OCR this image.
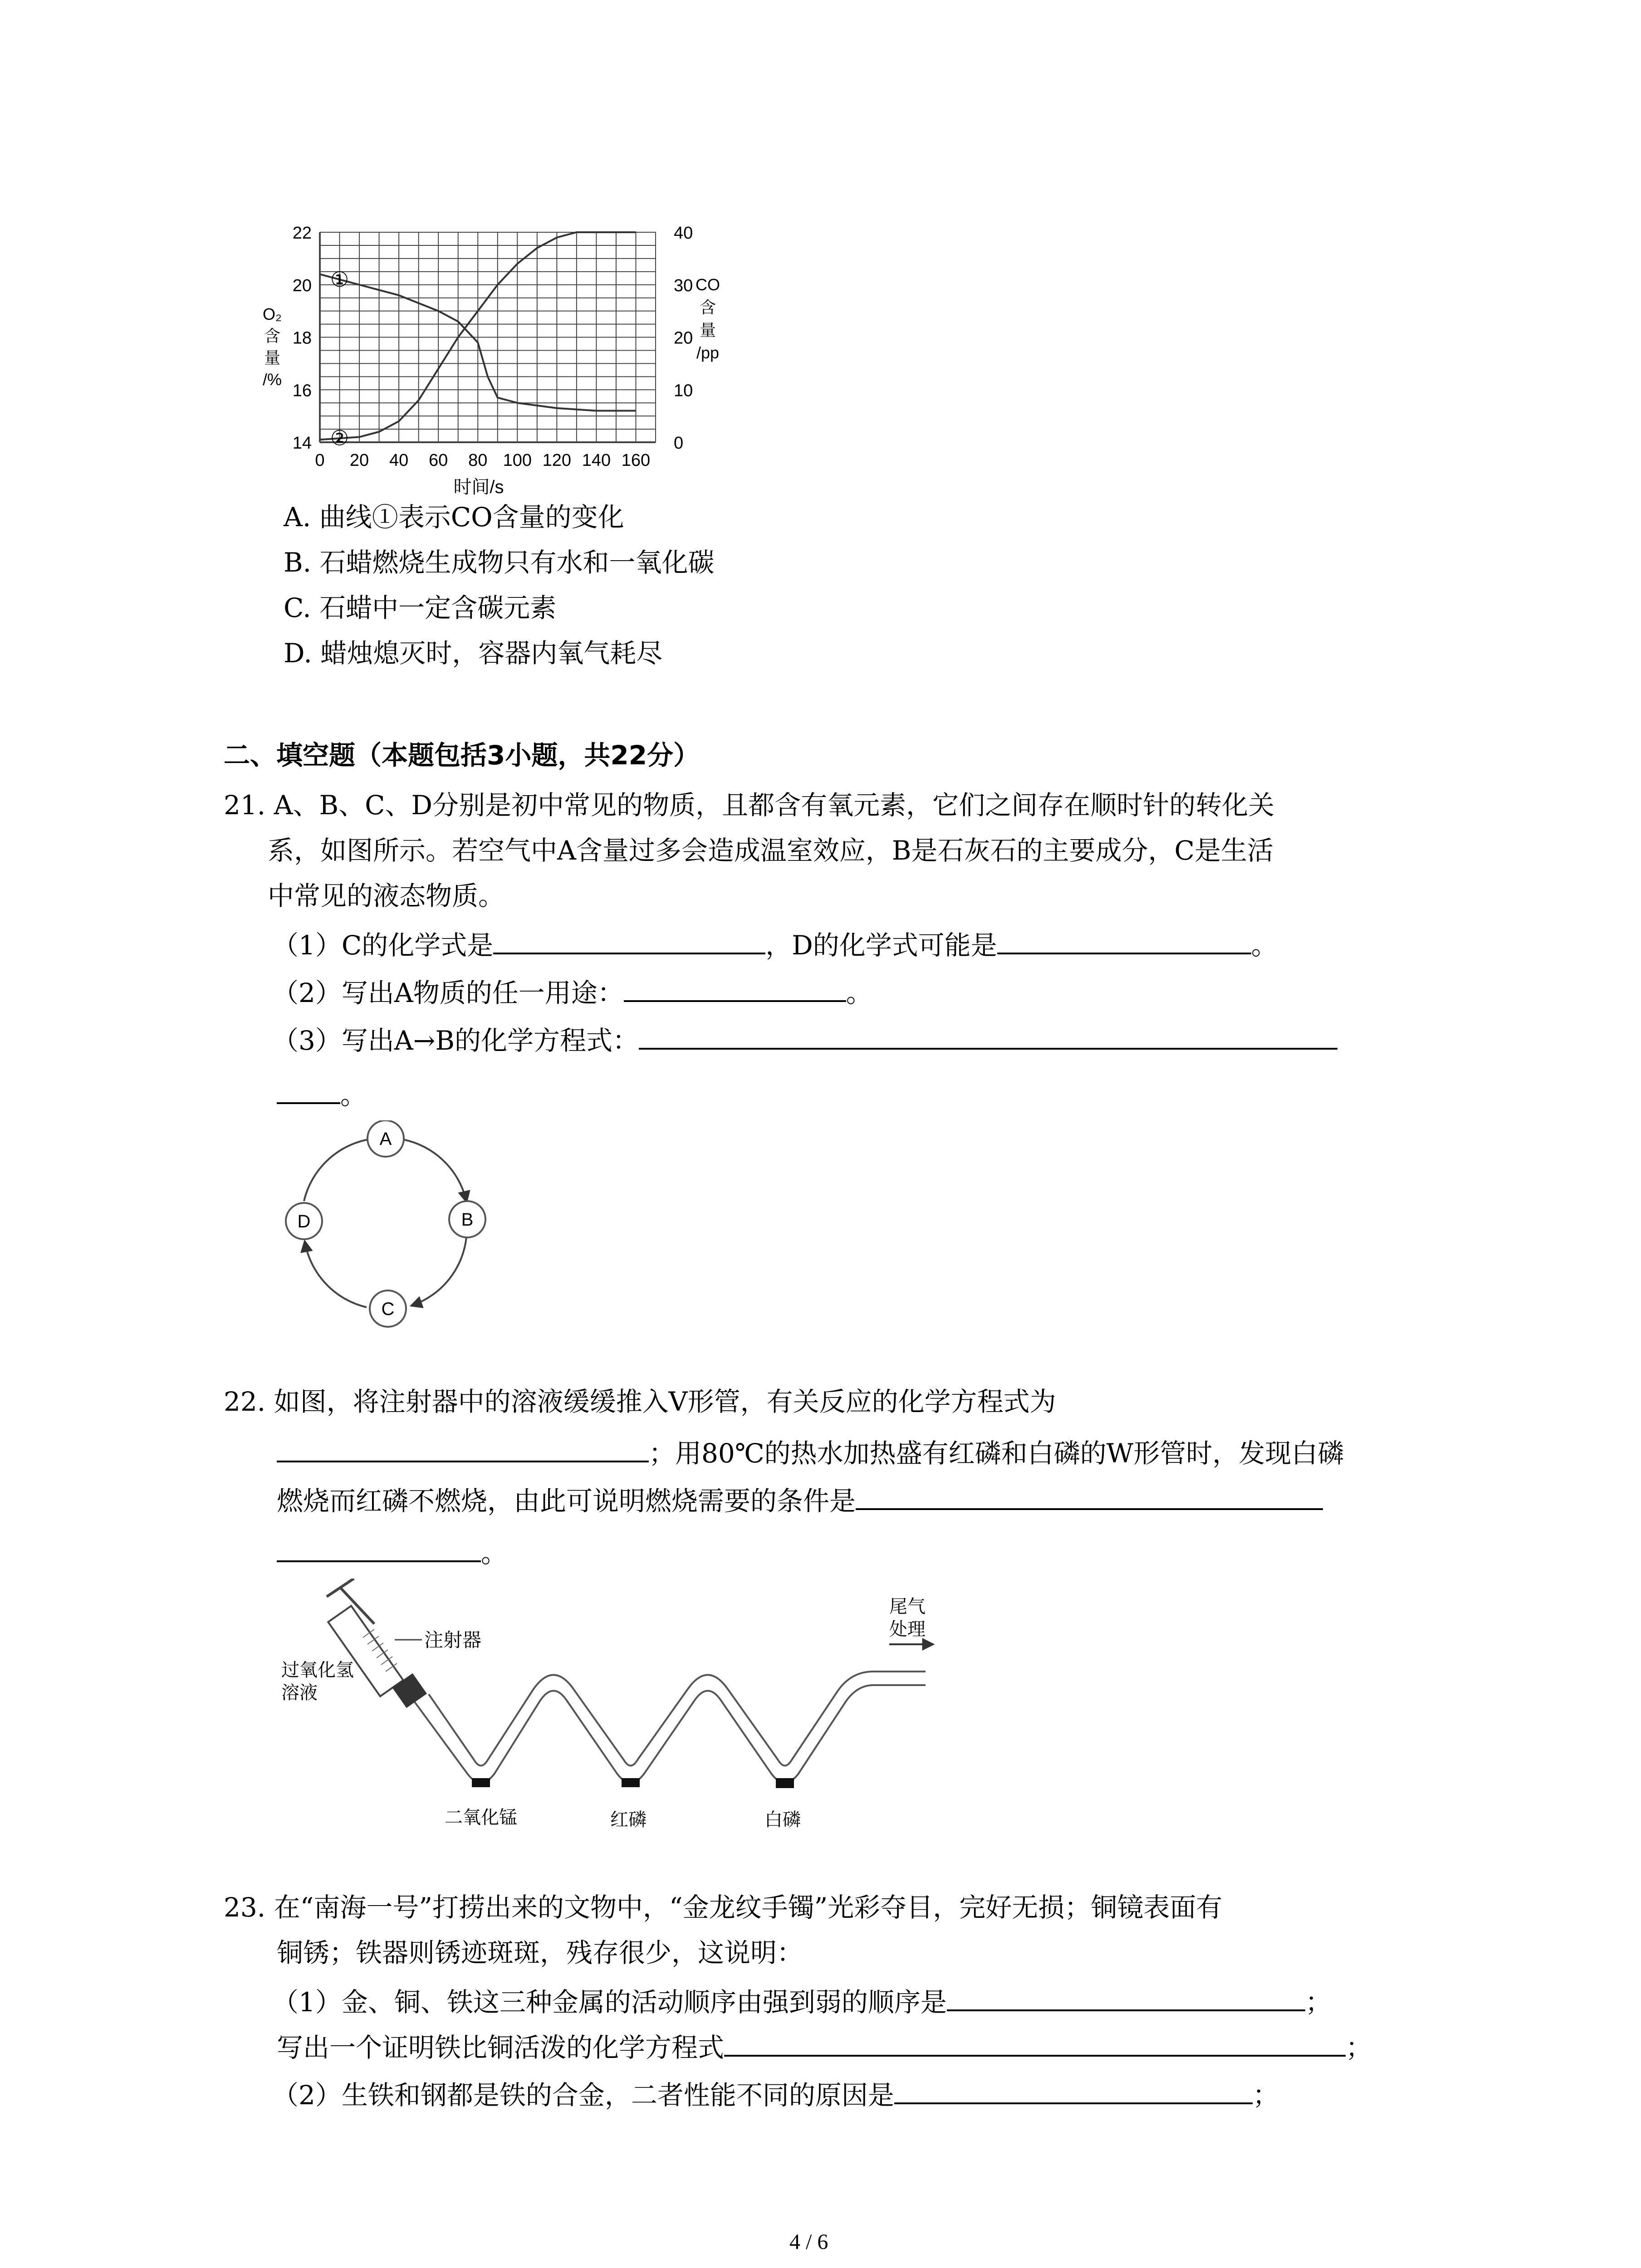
①
②
0 20 40 60 80 100 120 140 160
14
16
18
20
22
0
10
20
30
40
时间/s
O₂
含
量
/%
CO
含
量
/pp
A. 曲线①表示CO含量的变化
B. 石蜡燃烧生成物只有水和一氧化碳
C. 石蜡中一定含碳元素
D. 蜡烛熄灭时，容器内氧气耗尽
二、填空题（本题包括3小题，共22分）
21. A、B、C、D分别是初中常见的物质，且都含有氧元素，它们之间存在顺时针的转化关
系，如图所示。若空气中A含量过多会造成温室效应，B是石灰石的主要成分，C是生活
中常见的液态物质。
（1）C的化学式是	，D的化学式可能是	。
（2）写出A物质的任一用途：	。
（3）写出A→B的化学方程式：
。
A
B
C
D
22. 如图，将注射器中的溶液缓缓推入V形管，有关反应的化学方程式为
；用80℃的热水加热盛有红磷和白磷的W形管时，发现白磷
燃烧而红磷不燃烧，由此可说明燃烧需要的条件是
。
注射器
过氧化氢
溶液
尾气
处理
二氧化锰	红磷	白磷
23. 在“南海一号”打捞出来的文物中，“金龙纹手镯”光彩夺目，完好无损；铜镜表面有
铜锈；铁器则锈迹斑斑，残存很少，这说明：
（1）金、铜、铁这三种金属的活动顺序由强到弱的顺序是	；
写出一个证明铁比铜活泼的化学方程式	；
（2）生铁和钢都是铁的合金，二者性能不同的原因是	；
4 / 6
